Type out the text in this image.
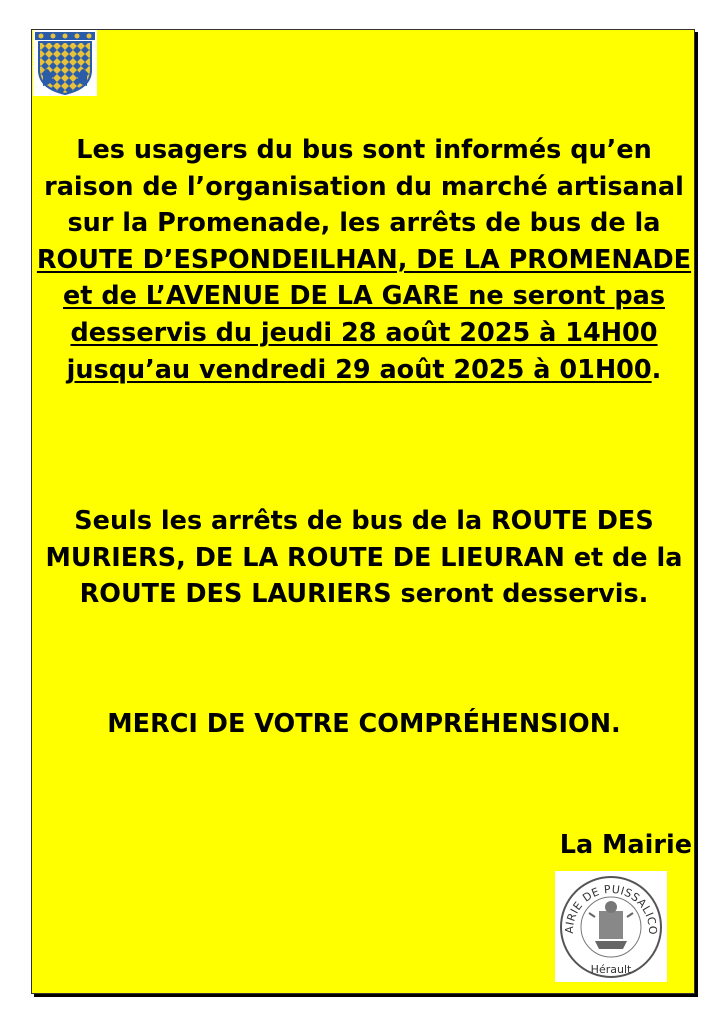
Les usagers du bus sont informés qu’en raison de l’organisation du marché artisanal sur la Promenade, les arrêts de bus de la ROUTE D’ESPONDEILHAN, DE LA PROMENADE et de L’AVENUE DE LA GARE ne seront pas desservis du jeudi 28 août 2025 à 14H00 jusqu’au vendredi 29 août 2025 à 01H00.
Seuls les arrêts de bus de la ROUTE DES MURIERS, DE LA ROUTE DE LIEURAN et de la ROUTE DES LAURIERS seront desservis.
MERCI DE VOTRE COMPRÉHENSION.
La Mairie
AIRIE DE PUISSALICO
Hérault
